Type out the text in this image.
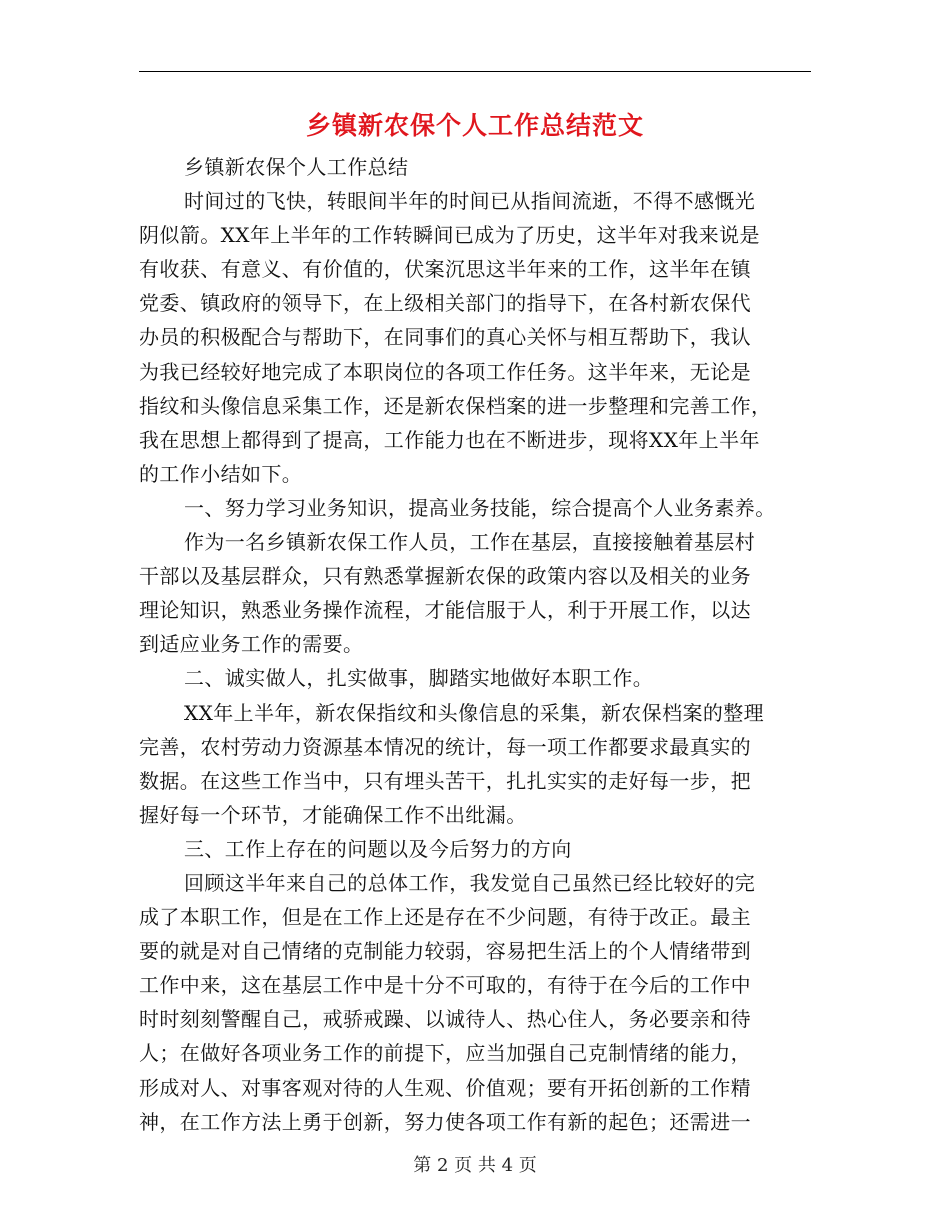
乡镇新农保个人工作总结范文
乡镇新农保个人工作总结
时间过的飞快，转眼间半年的时间已从指间流逝，不得不感慨光
阴似箭。XX年上半年的工作转瞬间已成为了历史，这半年对我来说是
有收获、有意义、有价值的，伏案沉思这半年来的工作，这半年在镇
党委、镇政府的领导下，在上级相关部门的指导下，在各村新农保代
办员的积极配合与帮助下，在同事们的真心关怀与相互帮助下，我认
为我已经较好地完成了本职岗位的各项工作任务。这半年来，无论是
指纹和头像信息采集工作，还是新农保档案的进一步整理和完善工作，
我在思想上都得到了提高，工作能力也在不断进步，现将XX年上半年
的工作小结如下。
一、努力学习业务知识，提高业务技能，综合提高个人业务素养。
作为一名乡镇新农保工作人员，工作在基层，直接接触着基层村
干部以及基层群众，只有熟悉掌握新农保的政策内容以及相关的业务
理论知识，熟悉业务操作流程，才能信服于人，利于开展工作，以达
到适应业务工作的需要。
二、诚实做人，扎实做事，脚踏实地做好本职工作。
XX年上半年，新农保指纹和头像信息的采集，新农保档案的整理
完善，农村劳动力资源基本情况的统计，每一项工作都要求最真实的
数据。在这些工作当中，只有埋头苦干，扎扎实实的走好每一步，把
握好每一个环节，才能确保工作不出纰漏。
三、工作上存在的问题以及今后努力的方向
回顾这半年来自己的总体工作，我发觉自己虽然已经比较好的完
成了本职工作，但是在工作上还是存在不少问题，有待于改正。最主
要的就是对自己情绪的克制能力较弱，容易把生活上的个人情绪带到
工作中来，这在基层工作中是十分不可取的，有待于在今后的工作中
时时刻刻警醒自己，戒骄戒躁、以诚待人、热心住人，务必要亲和待
人；在做好各项业务工作的前提下，应当加强自己克制情绪的能力，
形成对人、对事客观对待的人生观、价值观；要有开拓创新的工作精
神，在工作方法上勇于创新，努力使各项工作有新的起色；还需进一
第 2 页 共 4 页
